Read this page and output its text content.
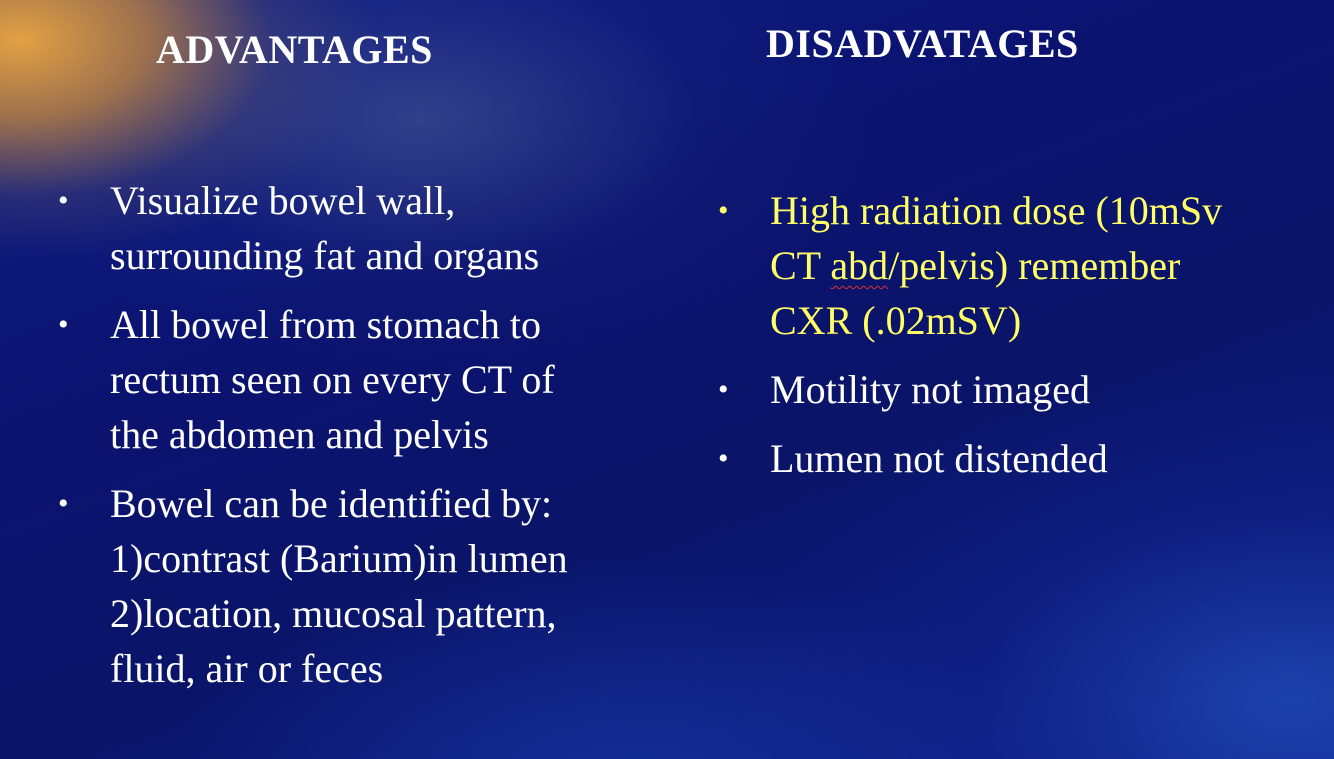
ADVANTAGES	DISADVATAGES
• Visualize bowel wall,
surrounding fat and organs
• All bowel from stomach to
rectum seen on every CT of
the abdomen and pelvis
• Bowel can be identified by:
1)contrast (Barium)in lumen
2)location, mucosal pattern,
fluid, air or feces
• High radiation dose (10mSv
CT abd/pelvis) remember
CXR (.02mSV)
• Motility not imaged
• Lumen not distended
